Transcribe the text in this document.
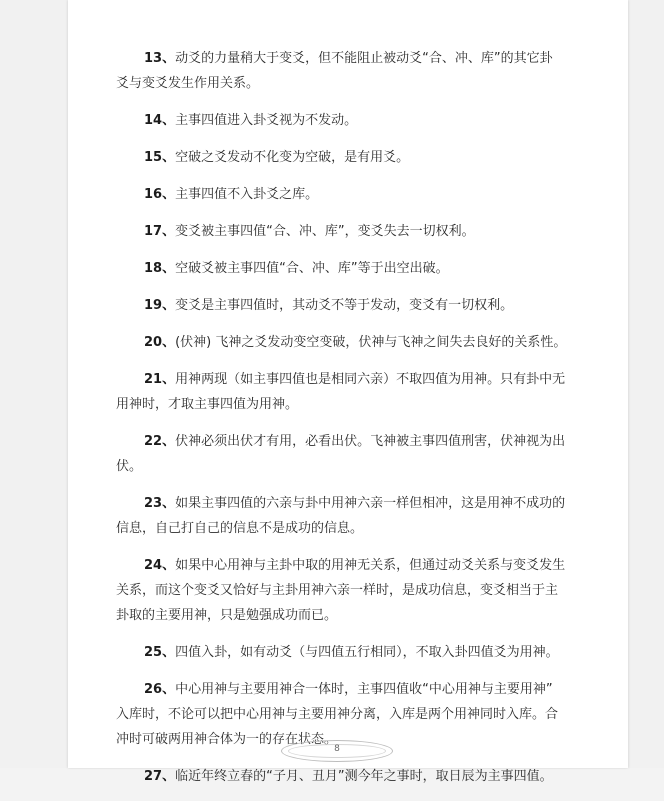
13、动爻的力量稍大于变爻，但不能阻止被动爻“合、冲、库”的其它卦
爻与变爻发生作用关系。
14、主事四值进入卦爻视为不发动。
15、空破之爻发动不化变为空破，是有用爻。
16、主事四值不入卦爻之库。
17、变爻被主事四值“合、冲、库”，变爻失去一切权利。
18、空破爻被主事四值“合、冲、库”等于出空出破。
19、变爻是主事四值时，其动爻不等于发动，变爻有一切权利。
20、(伏神) 飞神之爻发动变空变破，伏神与飞神之间失去良好的关系性。
21、用神两现（如主事四值也是相同六亲）不取四值为用神。只有卦中无
用神时，才取主事四值为用神。
22、伏神必须出伏才有用，必看出伏。飞神被主事四值刑害，伏神视为出
伏。
23、如果主事四值的六亲与卦中用神六亲一样但相冲，这是用神不成功的
信息，自己打自己的信息不是成功的信息。
24、如果中心用神与主卦中取的用神无关系，但通过动爻关系与变爻发生
关系，而这个变爻又恰好与主卦用神六亲一样时，是成功信息，变爻相当于主
卦取的主要用神，只是勉强成功而已。
25、四值入卦，如有动爻（与四值五行相同），不取入卦四值爻为用神。
26、中心用神与主要用神合一体时，主事四值收“中心用神与主要用神”
入库时，不论可以把中心用神与主要用神分离，入库是两个用神同时入库。合
冲时可破两用神合体为一的存在状态。
27、临近年终立春的“子月、丑月”测今年之事时，取日辰为主事四值。
8
